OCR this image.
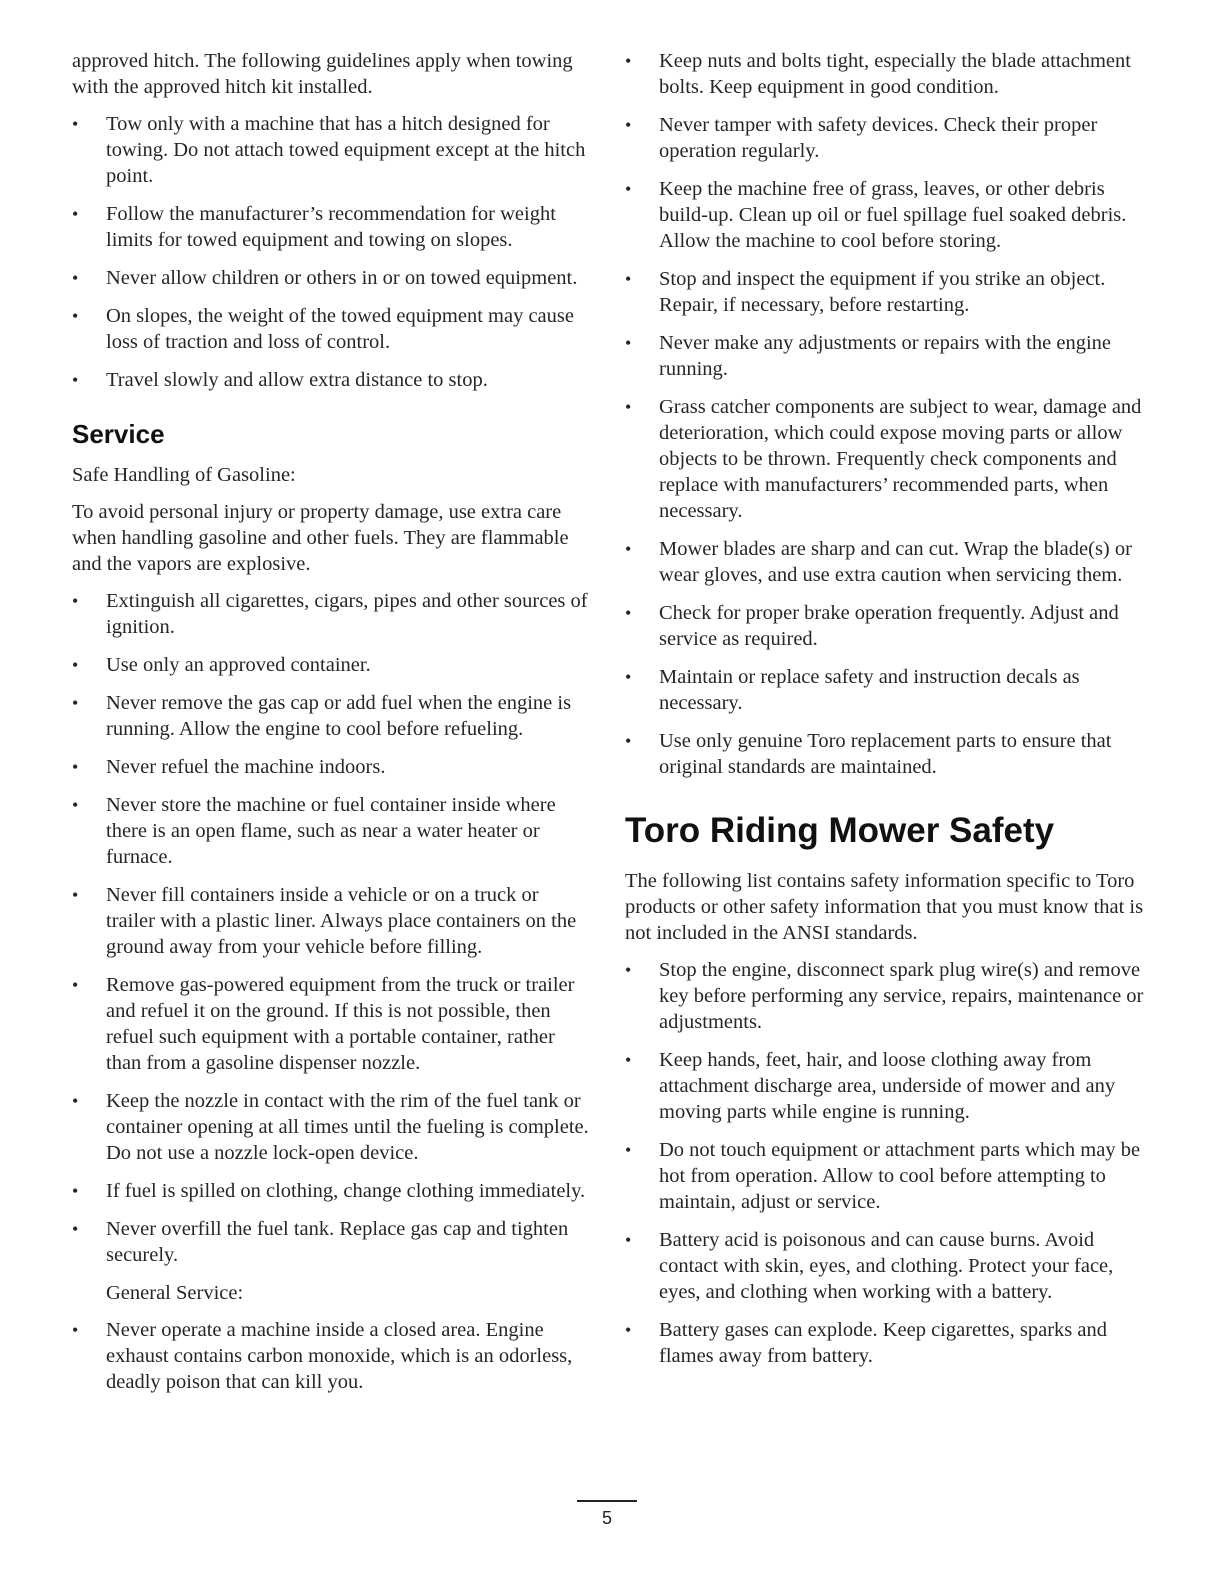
approved hitch. The following guidelines apply when towing with the approved hitch kit installed.

•	Tow only with a machine that has a hitch designed for towing. Do not attach towed equipment except at the hitch point.
•	Follow the manufacturer’s recommendation for weight limits for towed equipment and towing on slopes.
•	Never allow children or others in or on towed equipment.
•	On slopes, the weight of the towed equipment may cause loss of traction and loss of control.
•	Travel slowly and allow extra distance to stop.
Service

Safe Handling of Gasoline:

To avoid personal injury or property damage, use extra care when handling gasoline and other fuels. They are flammable and the vapors are explosive.

•	Extinguish all cigarettes, cigars, pipes and other sources of ignition.
•	Use only an approved container.
•	Never remove the gas cap or add fuel when the engine is running. Allow the engine to cool before refueling.
•	Never refuel the machine indoors.
•	Never store the machine or fuel container inside where there is an open flame, such as near a water heater or furnace.
•	Never fill containers inside a vehicle or on a truck or trailer with a plastic liner. Always place containers on the ground away from your vehicle before filling.
•	Remove gas-powered equipment from the truck or trailer and refuel it on the ground. If this is not possible, then refuel such equipment with a portable container, rather than from a gasoline dispenser nozzle.
•	Keep the nozzle in contact with the rim of the fuel tank or container opening at all times until the fueling is complete. Do not use a nozzle lock-open device.
•	If fuel is spilled on clothing, change clothing immediately.
•	Never overfill the fuel tank. Replace gas cap and tighten securely.

General Service:

•	Never operate a machine inside a closed area. Engine exhaust contains carbon monoxide, which is an odorless, deadly poison that can kill you.
•	Keep nuts and bolts tight, especially the blade attachment bolts. Keep equipment in good condition.
•	Never tamper with safety devices. Check their proper operation regularly.
•	Keep the machine free of grass, leaves, or other debris build-up. Clean up oil or fuel spillage fuel soaked debris. Allow the machine to cool before storing.
•	Stop and inspect the equipment if you strike an object. Repair, if necessary, before restarting.
•	Never make any adjustments or repairs with the engine running.
•	Grass catcher components are subject to wear, damage and deterioration, which could expose moving parts or allow objects to be thrown. Frequently check components and replace with manufacturers’ recommended parts, when necessary.
•	Mower blades are sharp and can cut. Wrap the blade(s) or wear gloves, and use extra caution when servicing them.
•	Check for proper brake operation frequently. Adjust and service as required.
•	Maintain or replace safety and instruction decals as necessary.
•	Use only genuine Toro replacement parts to ensure that original standards are maintained.
Toro Riding Mower Safety

The following list contains safety information specific to Toro products or other safety information that you must know that is not included in the ANSI standards.

•	Stop the engine, disconnect spark plug wire(s) and remove key before performing any service, repairs, maintenance or adjustments.
•	Keep hands, feet, hair, and loose clothing away from attachment discharge area, underside of mower and any moving parts while engine is running.
•	Do not touch equipment or attachment parts which may be hot from operation. Allow to cool before attempting to maintain, adjust or service.
•	Battery acid is poisonous and can cause burns. Avoid contact with skin, eyes, and clothing. Protect your face, eyes, and clothing when working with a battery.
•	Battery gases can explode. Keep cigarettes, sparks and flames away from battery.
5
